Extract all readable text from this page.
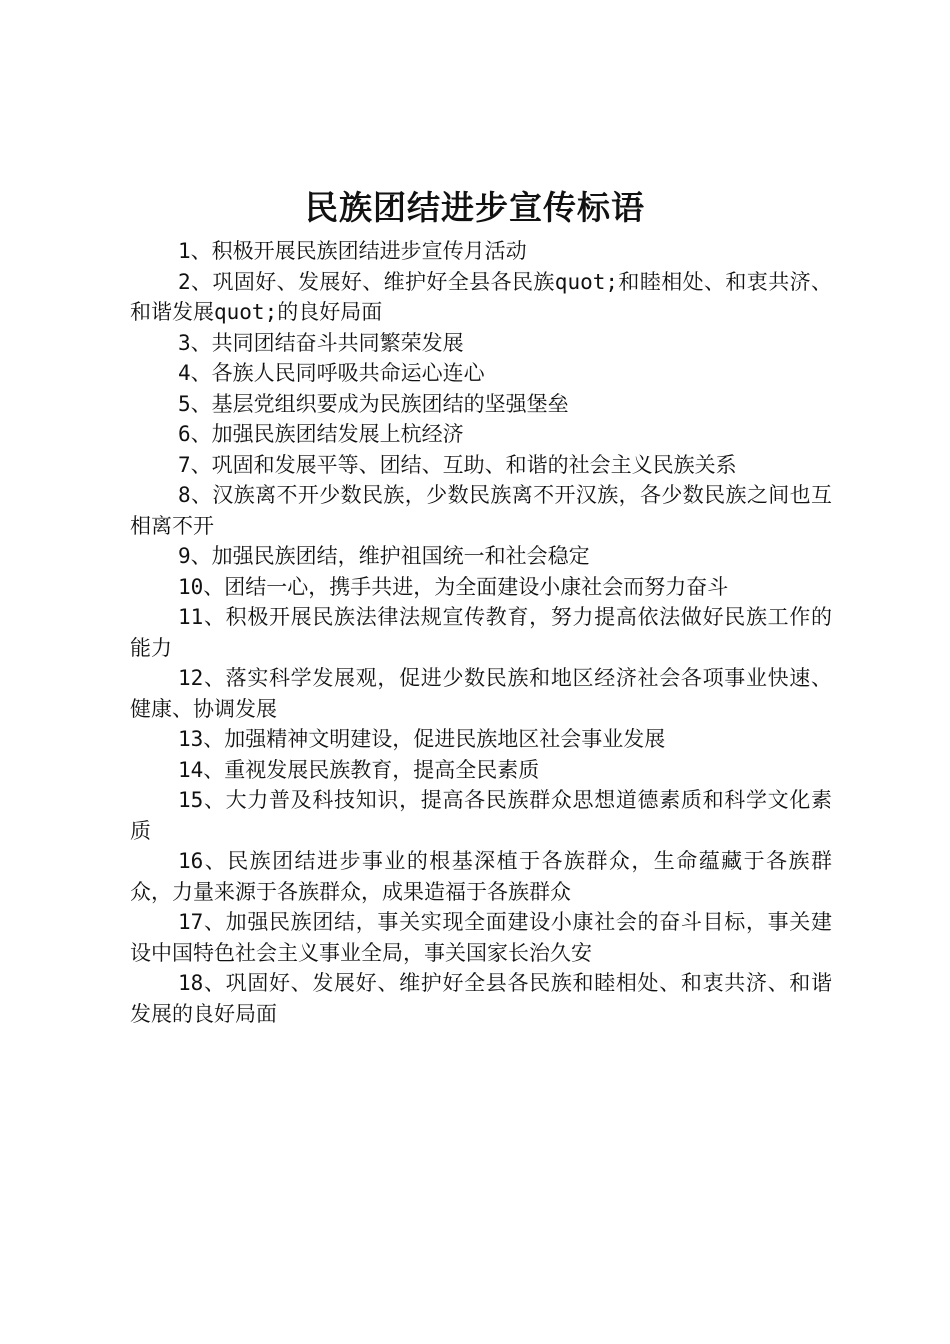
民族团结进步宣传标语
1、积极开展民族团结进步宣传月活动
2、巩固好、发展好、维护好全县各民族quot;和睦相处、和衷共济、和谐发展quot;的良好局面
3、共同团结奋斗共同繁荣发展
4、各族人民同呼吸共命运心连心
5、基层党组织要成为民族团结的坚强堡垒
6、加强民族团结发展上杭经济
7、巩固和发展平等、团结、互助、和谐的社会主义民族关系
8、汉族离不开少数民族，少数民族离不开汉族，各少数民族之间也互相离不开
9、加强民族团结，维护祖国统一和社会稳定
10、团结一心，携手共进，为全面建设小康社会而努力奋斗
11、积极开展民族法律法规宣传教育，努力提高依法做好民族工作的能力
12、落实科学发展观，促进少数民族和地区经济社会各项事业快速、健康、协调发展
13、加强精神文明建设，促进民族地区社会事业发展
14、重视发展民族教育，提高全民素质
15、大力普及科技知识，提高各民族群众思想道德素质和科学文化素质
16、民族团结进步事业的根基深植于各族群众，生命蕴藏于各族群众，力量来源于各族群众，成果造福于各族群众
17、加强民族团结，事关实现全面建设小康社会的奋斗目标，事关建设中国特色社会主义事业全局，事关国家长治久安
18、巩固好、发展好、维护好全县各民族和睦相处、和衷共济、和谐发展的良好局面
